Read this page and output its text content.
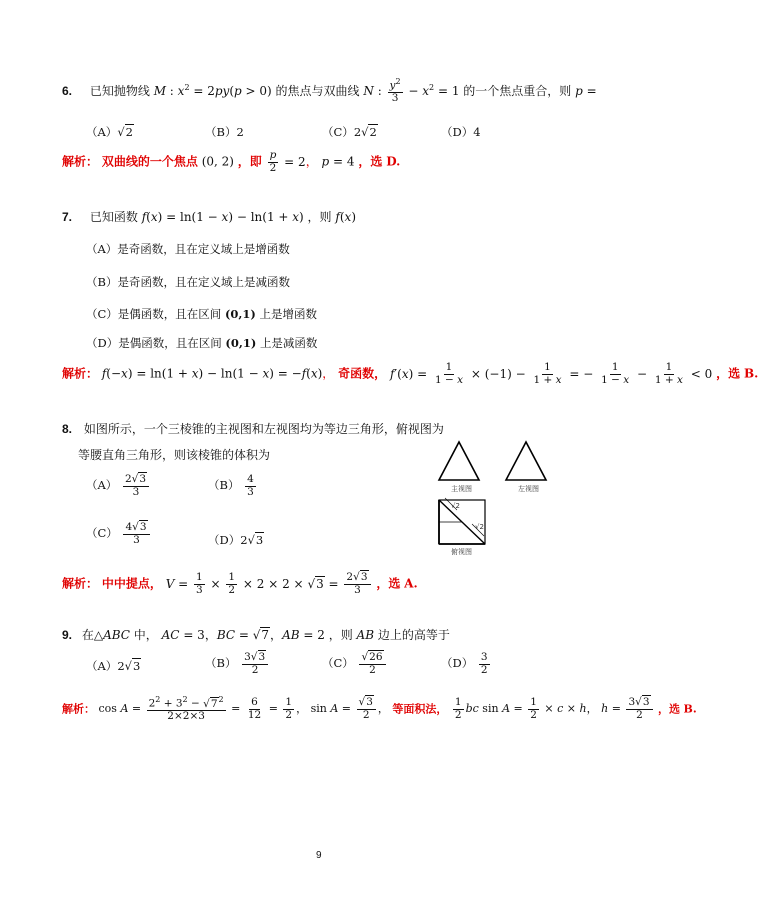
6. 已知抛物线 M : $x^2 = 2py(p > 0)$ 的焦点与双曲线 N : $\frac{y^2}{3} - x^2 = 1$ 的一个焦点重合，则 p =
（A）√2	（B）2	（C）2√2	（D）4
解析： 双曲线的一个焦点 (0, 2) ，即 $\frac{p}{2} = 2$， p = 4 ，选 D.
7. 已知函数 f(x) = ln(1 − x) − ln(1 + x) ，则 f(x)
（A）是奇函数，且在定义域上是增函数
（B）是奇函数，且在定义域上是减函数
（C）是偶函数，且在区间 (0,1) 上是增函数
（D）是偶函数，且在区间 (0,1) 上是减函数
解析： f(−x) = ln(1 + x) − ln(1 − x) = −f(x)， 奇函数， $f'(x) = \frac{1}{1 - x} \times (-1) - \frac{1}{1 + x}$ = − $\frac{1}{1 - x} - \frac{1}{1 + x} < 0$ ，选 B.
8. 如图所示，一个三棱锥的主视图和左视图均为等边三角形，俯视图为
等腰直角三角形，则该棱锥的体积为
$(A) \frac{2√3}{3}$	$(B) \frac{4}{3}$
$(C) \frac{4√3}{3}$	（D）2√3
主视图	左视图
√2
√2
俯视图
解析： 中中提点， $V = \frac{1}{3} \times \frac{1}{2} \times 2 \times 2 \times √3 = \frac{2√3}{3}$ ，选 A.
9. 在△ABC 中， AC = 3，BC = √7，AB = 2 ，则 AB 边上的高等于
（A）2√3	$(B) \frac{3√3}{2}$	$(C) \frac{√26}{2}$	$(D) \frac{3}{2}$
解析： $\cos A = \frac{2^2 + 3^2 - √7^2}{2\times 2\times 3} = \frac{6}{12} = \frac{1}{2}$ ， $\sin A = \frac{√3}{2}$ ， 等面积法， $\frac{1}{2}$ bc $\sin A = \frac{1}{2} \times c \times h$， $h = \frac{3√3}{2}$ ，选 B.
9
